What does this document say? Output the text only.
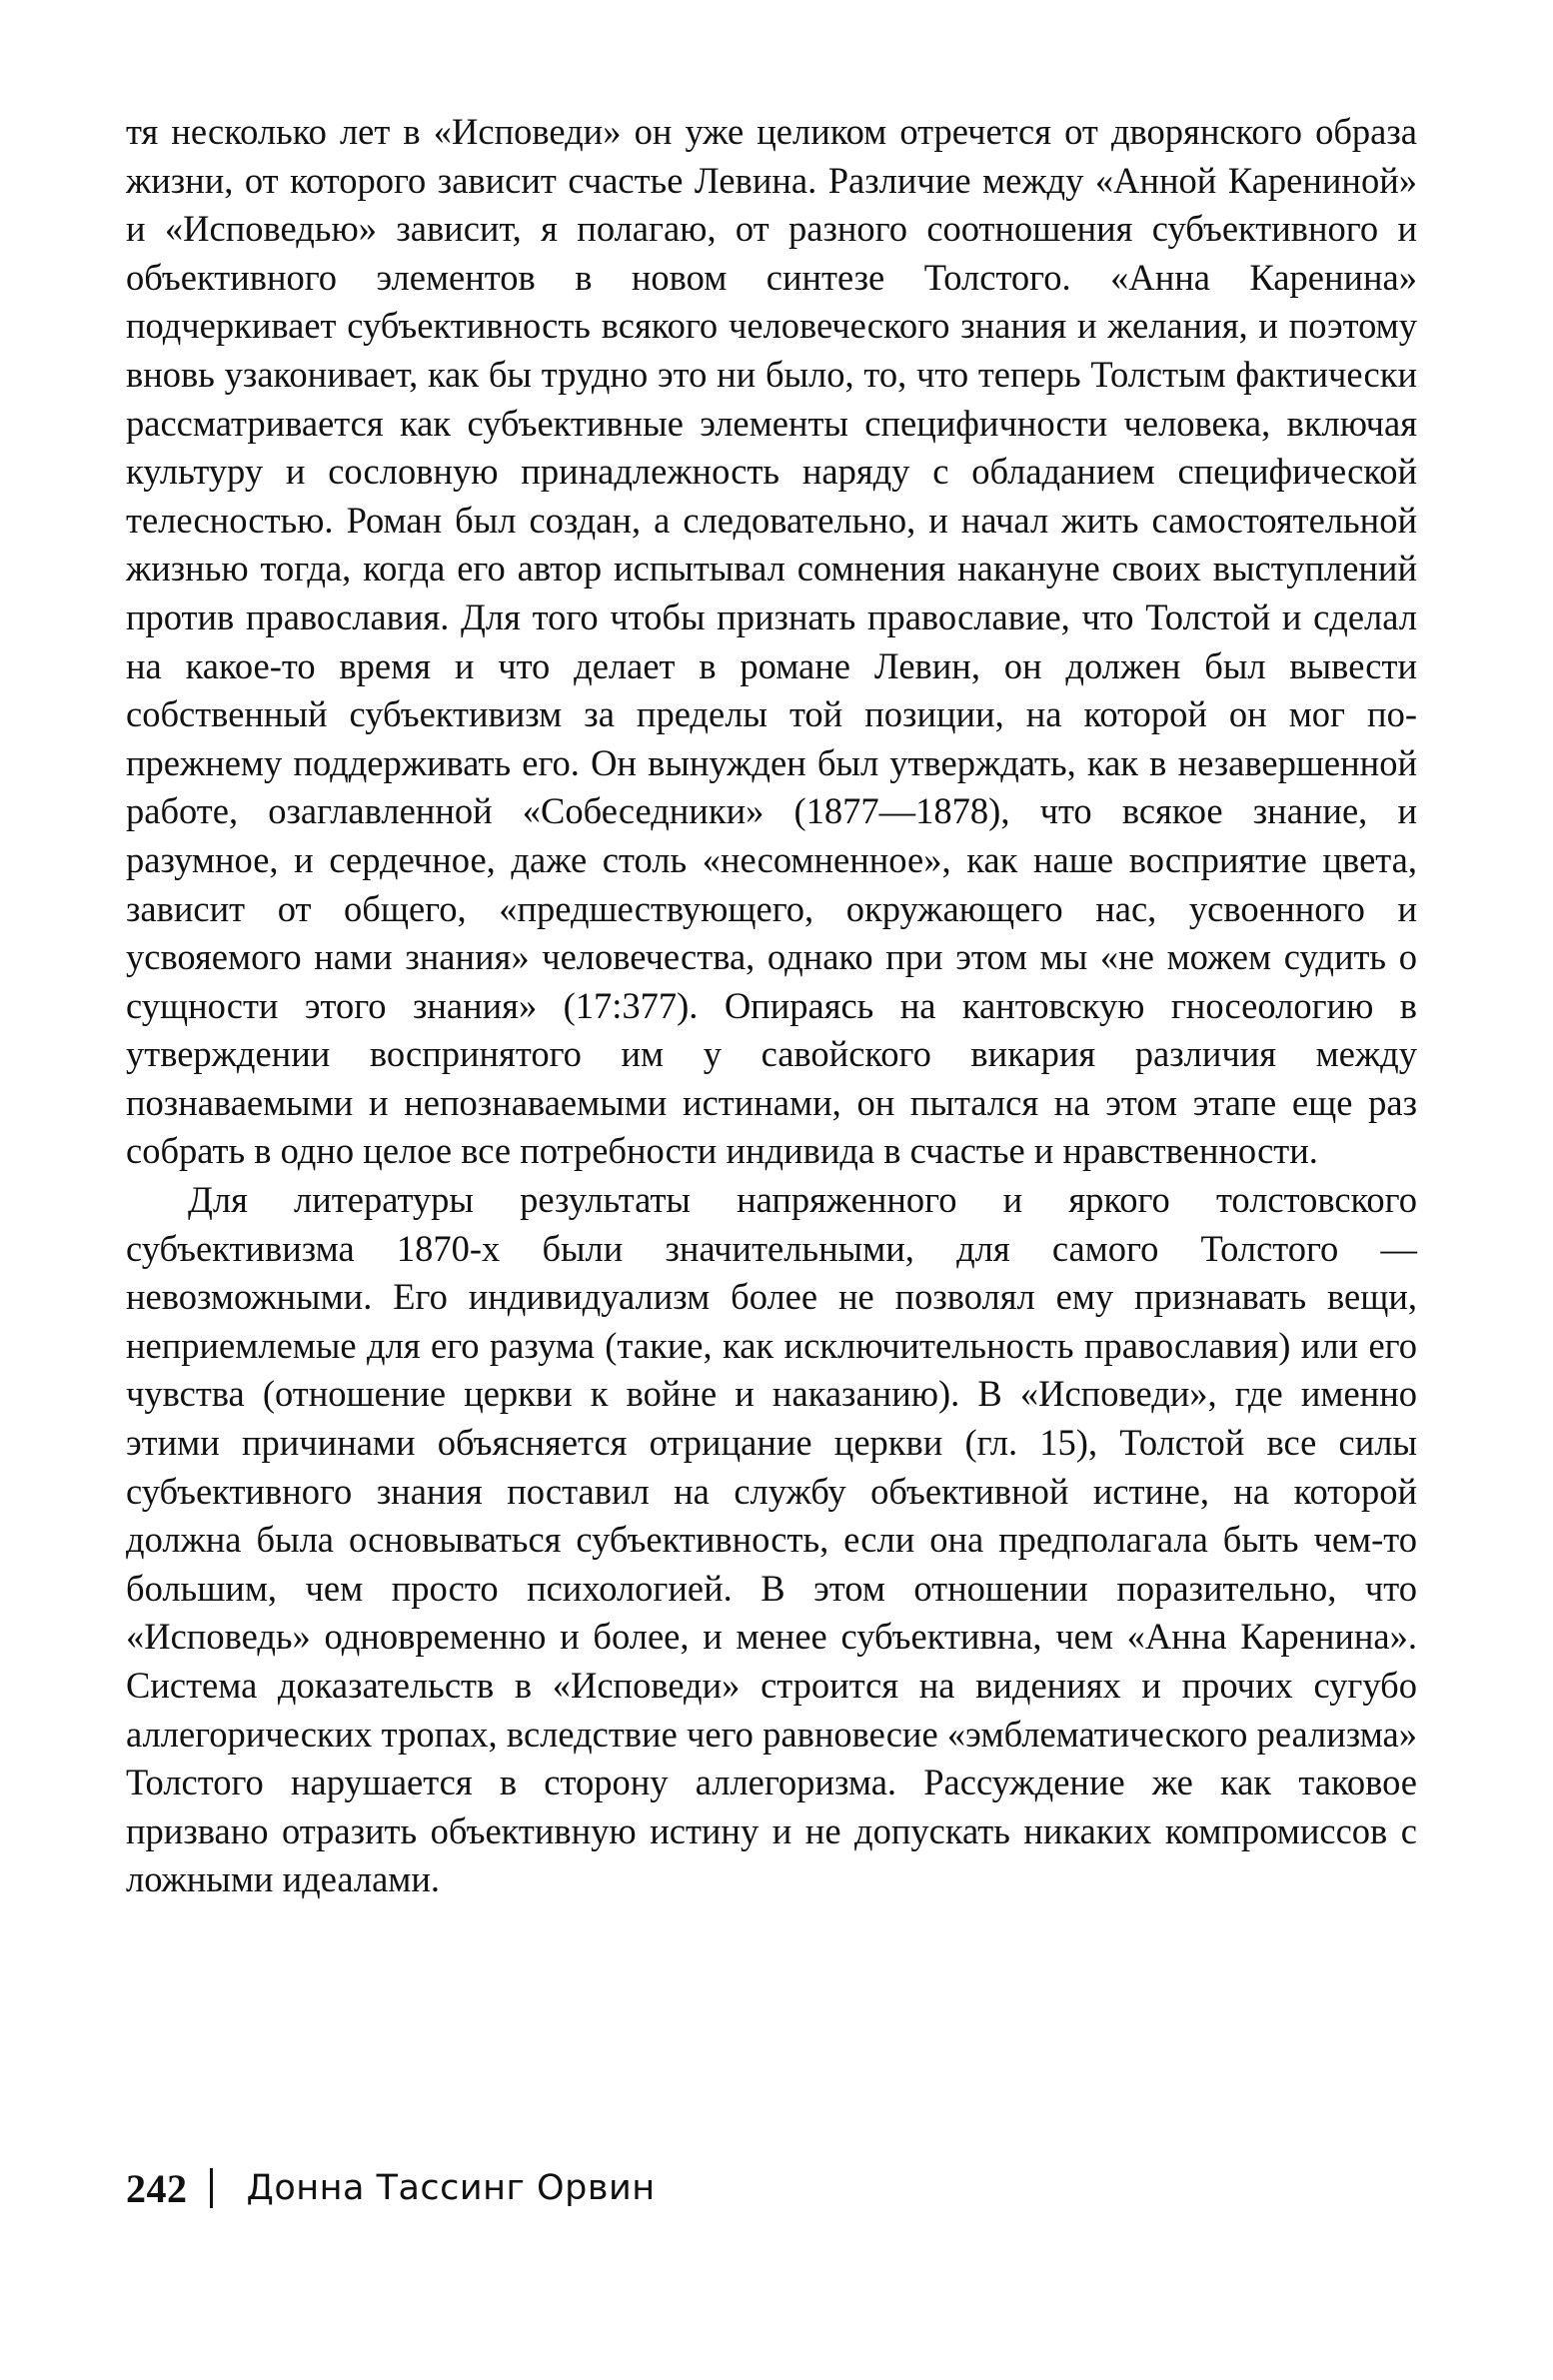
тя несколько лет в «Исповеди» он уже целиком отречется от дворянского образа жизни, от которого зависит счастье Левина. Различие между «Анной Карениной» и «Исповедью» зависит, я полагаю, от разного соотношения субъективного и объективного элементов в новом синтезе Толстого. «Анна Каренина» подчеркивает субъективность всякого человеческого знания и желания, и поэтому вновь узаконивает, как бы трудно это ни было, то, что теперь Толстым фактически рассматривается как субъективные элементы специфичности человека, включая культуру и сословную принадлежность наряду с обладанием специфической телесностью. Роман был создан, а следовательно, и начал жить самостоятельной жизнью тогда, когда его автор испытывал сомнения накануне своих выступлений против православия. Для того чтобы признать православие, что Толстой и сделал на какое-то время и что делает в романе Левин, он должен был вывести собственный субъективизм за пределы той позиции, на которой он мог по-прежнему поддерживать его. Он вынужден был утверждать, как в незавершенной работе, озаглавленной «Собеседники» (1877—1878), что всякое знание, и разумное, и сердечное, даже столь «несомненное», как наше восприятие цвета, зависит от общего, «предшествующего, окружающего нас, усвоенного и усвояемого нами знания» человечества, однако при этом мы «не можем судить о сущности этого знания» (17:377). Опираясь на кантовскую гносеологию в утверждении воспринятого им у савойского викария различия между познаваемыми и непознаваемыми истинами, он пытался на этом этапе еще раз собрать в одно целое все потребности индивида в счастье и нравственности.

Для литературы результаты напряженного и яркого толстовского субъективизма 1870-х были значительными, для самого Толстого — невозможными. Его индивидуализм более не позволял ему признавать вещи, неприемлемые для его разума (такие, как исключительность православия) или его чувства (отношение церкви к войне и наказанию). В «Исповеди», где именно этими причинами объясняется отрицание церкви (гл. 15), Толстой все силы субъективного знания поставил на службу объективной истине, на которой должна была основываться субъективность, если она предполагала быть чем-то большим, чем просто психологией. В этом отношении поразительно, что «Исповедь» одновременно и более, и менее субъективна, чем «Анна Каренина». Система доказательств в «Исповеди» строится на видениях и прочих сугубо аллегорических тропах, вследствие чего равновесие «эмблематического реализма» Толстого нарушается в сторону аллегоризма. Рассуждение же как таковое призвано отразить объективную истину и не допускать никаких компромиссов с ложными идеалами.

242 Донна Тассинг Орвин
